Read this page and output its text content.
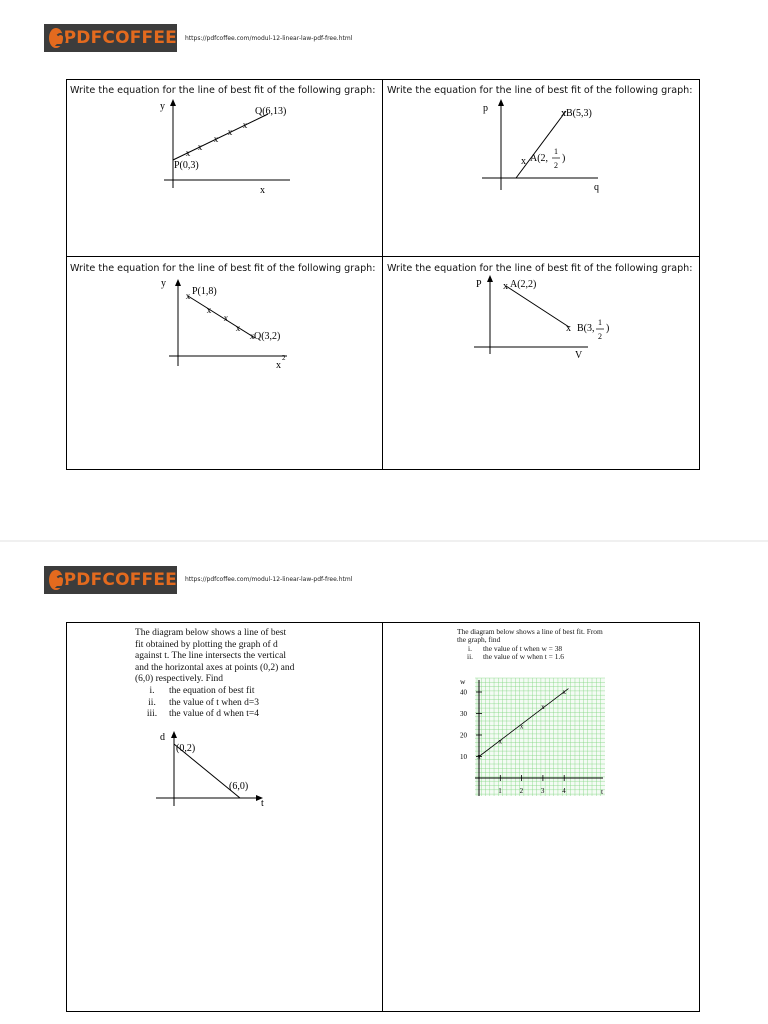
PDFCOFFEE https://pdfcoffee.com/modul-12-linear-law-pdf-free.html
Write the equation for the line of best fit of the following graph:
x
x
x
x
x
y
x
P(0,3)
Q(6,13)
Write the equation for the line of best fit of the following graph:
p
q
x A(2,
1
2
)
x B(5,3)
Write the equation for the line of best fit of the following graph:
x
x
x
x
x
y
x
2
P(1,8)
Q(3,2)
Write the equation for the line of best fit of the following graph:
P
V
x A(2,2)
x B(3,
1
2
)
PDFCOFFEE https://pdfcoffee.com/modul-12-linear-law-pdf-free.html
The diagram below shows a line of best
fit obtained by plotting the graph of d
against t. The line intersects the vertical
and the horizontal axes at points (0,2) and
(6,0) respectively. Find
i.	the equation of best fit
ii.	the value of t when d=3
iii.	the value of d when t=4
d
t
(0,2)
(6,0)
The diagram below shows a line of best fit. From
the graph, find
i.	the value of t when w = 38
ii.	the value of w when t = 1.6
w
t
10
20
30
40
1	2	3	4
x
x
x
x
x
